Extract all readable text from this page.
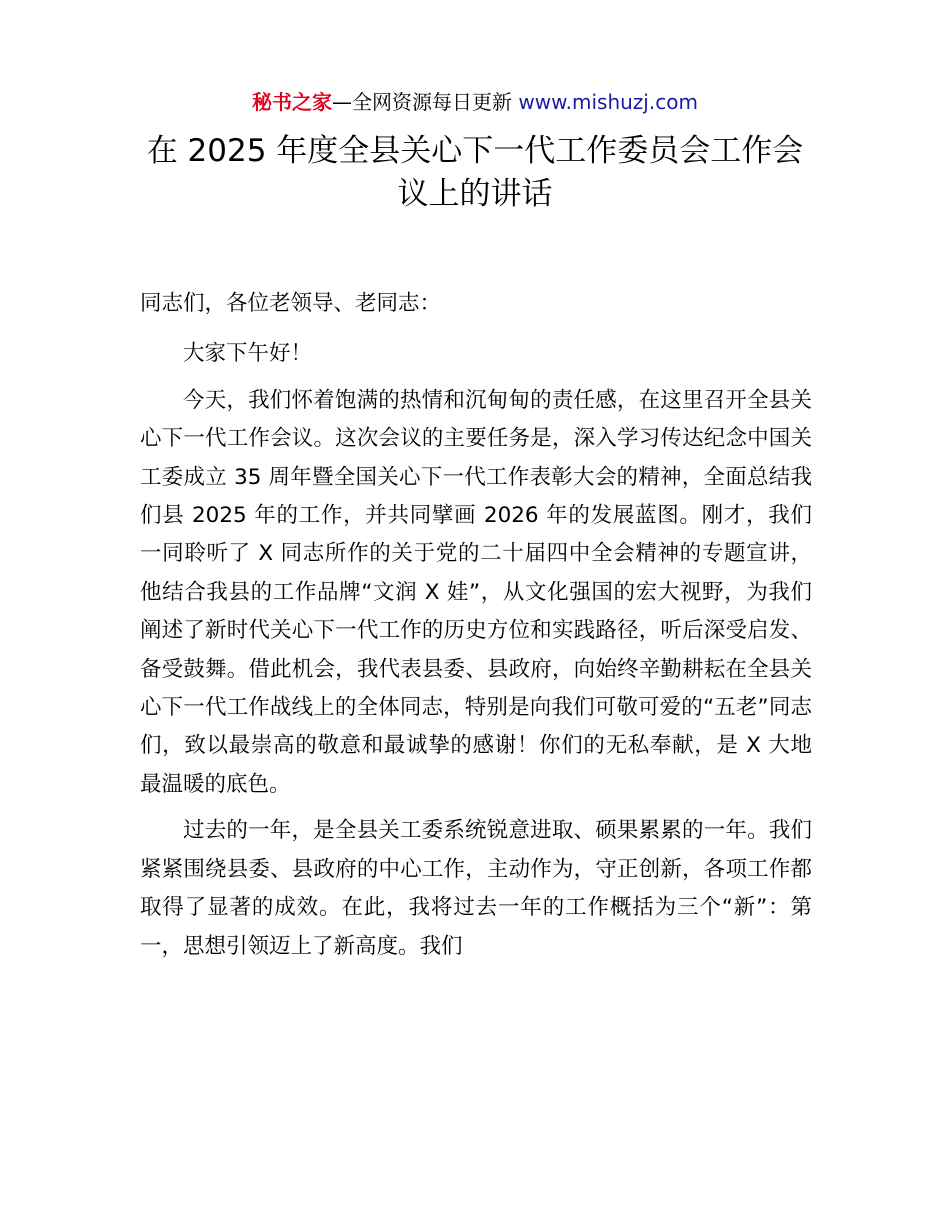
秘书之家—全网资源每日更新 www.mishuzj.com
在 2025 年度全县关心下一代工作委员会工作会议上的讲话

同志们，各位老领导、老同志：

大家下午好！

今天，我们怀着饱满的热情和沉甸甸的责任感，在这里召开全县关心下一代工作会议。这次会议的主要任务是，深入学习传达纪念中国关工委成立 35 周年暨全国关心下一代工作表彰大会的精神，全面总结我们县 2025 年的工作，并共同擘画 2026 年的发展蓝图。刚才，我们一同聆听了 X 同志所作的关于党的二十届四中全会精神的专题宣讲，他结合我县的工作品牌“文润 X 娃”，从文化强国的宏大视野，为我们阐述了新时代关心下一代工作的历史方位和实践路径，听后深受启发、备受鼓舞。借此机会，我代表县委、县政府，向始终辛勤耕耘在全县关心下一代工作战线上的全体同志，特别是向我们可敬可爱的“五老”同志们，致以最崇高的敬意和最诚挚的感谢！你们的无私奉献，是 X 大地最温暖的底色。

过去的一年，是全县关工委系统锐意进取、硕果累累的一年。我们紧紧围绕县委、县政府的中心工作，主动作为，守正创新，各项工作都取得了显著的成效。在此，我将过去一年的工作概括为三个“新”：第一，思想引领迈上了新高度。我们
